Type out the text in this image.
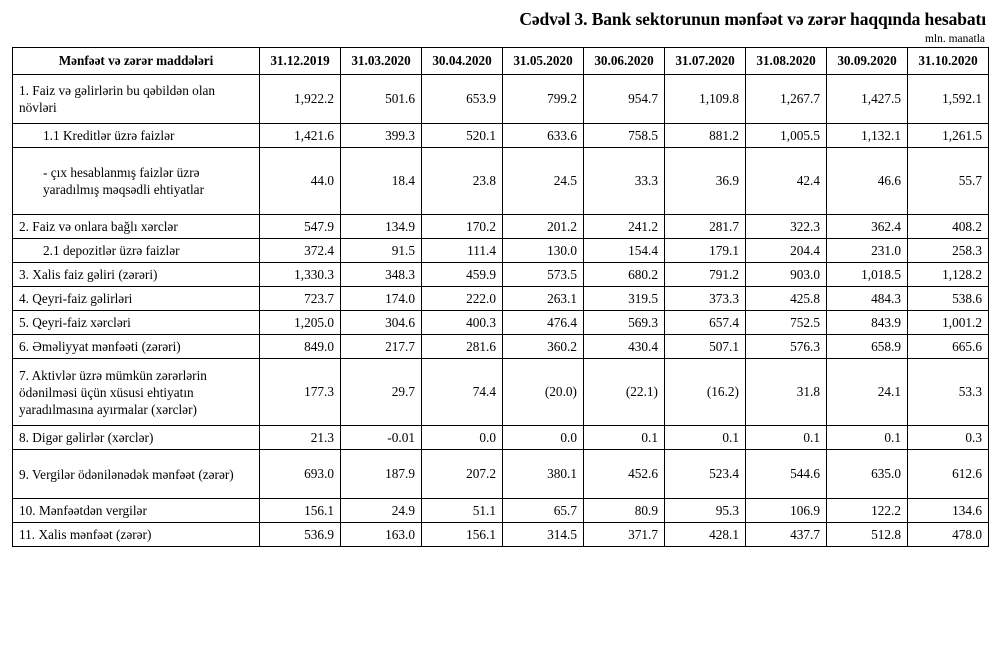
Cədvəl 3. Bank sektorunun mənfəət və zərər haqqında hesabatı
mln. manatla
Mənfəət və zərər maddələri	31.12.2019	31.03.2020	30.04.2020	31.05.2020	30.06.2020	31.07.2020	31.08.2020	30.09.2020	31.10.2020
1. Faiz və gəlirlərin bu qəbildən olan növləri	1,922.2	501.6	653.9	799.2	954.7	1,109.8	1,267.7	1,427.5	1,592.1
1.1 Kreditlər üzrə faizlər	1,421.6	399.3	520.1	633.6	758.5	881.2	1,005.5	1,132.1	1,261.5
- çıx hesablanmış faizlər üzrə yaradılmış məqsədli ehtiyatlar	44.0	18.4	23.8	24.5	33.3	36.9	42.4	46.6	55.7
2. Faiz və onlara bağlı xərclər	547.9	134.9	170.2	201.2	241.2	281.7	322.3	362.4	408.2
2.1 depozitlər üzrə faizlər	372.4	91.5	111.4	130.0	154.4	179.1	204.4	231.0	258.3
3. Xalis faiz gəliri (zərəri)	1,330.3	348.3	459.9	573.5	680.2	791.2	903.0	1,018.5	1,128.2
4. Qeyri-faiz gəlirləri	723.7	174.0	222.0	263.1	319.5	373.3	425.8	484.3	538.6
5. Qeyri-faiz xərcləri	1,205.0	304.6	400.3	476.4	569.3	657.4	752.5	843.9	1,001.2
6. Əməliyyat mənfəəti (zərəri)	849.0	217.7	281.6	360.2	430.4	507.1	576.3	658.9	665.6
7. Aktivlər üzrə mümkün zərərlərin ödənilməsi üçün xüsusi ehtiyatın yaradılmasına ayırmalar (xərclər)	177.3	29.7	74.4	(20.0)	(22.1)	(16.2)	31.8	24.1	53.3
8. Digər gəlirlər (xərclər)	21.3	-0.01	0.0	0.0	0.1	0.1	0.1	0.1	0.3
9. Vergilər ödənilənədək mənfəət (zərər)	693.0	187.9	207.2	380.1	452.6	523.4	544.6	635.0	612.6
10. Mənfəətdən vergilər	156.1	24.9	51.1	65.7	80.9	95.3	106.9	122.2	134.6
11. Xalis mənfəət (zərər)	536.9	163.0	156.1	314.5	371.7	428.1	437.7	512.8	478.0
